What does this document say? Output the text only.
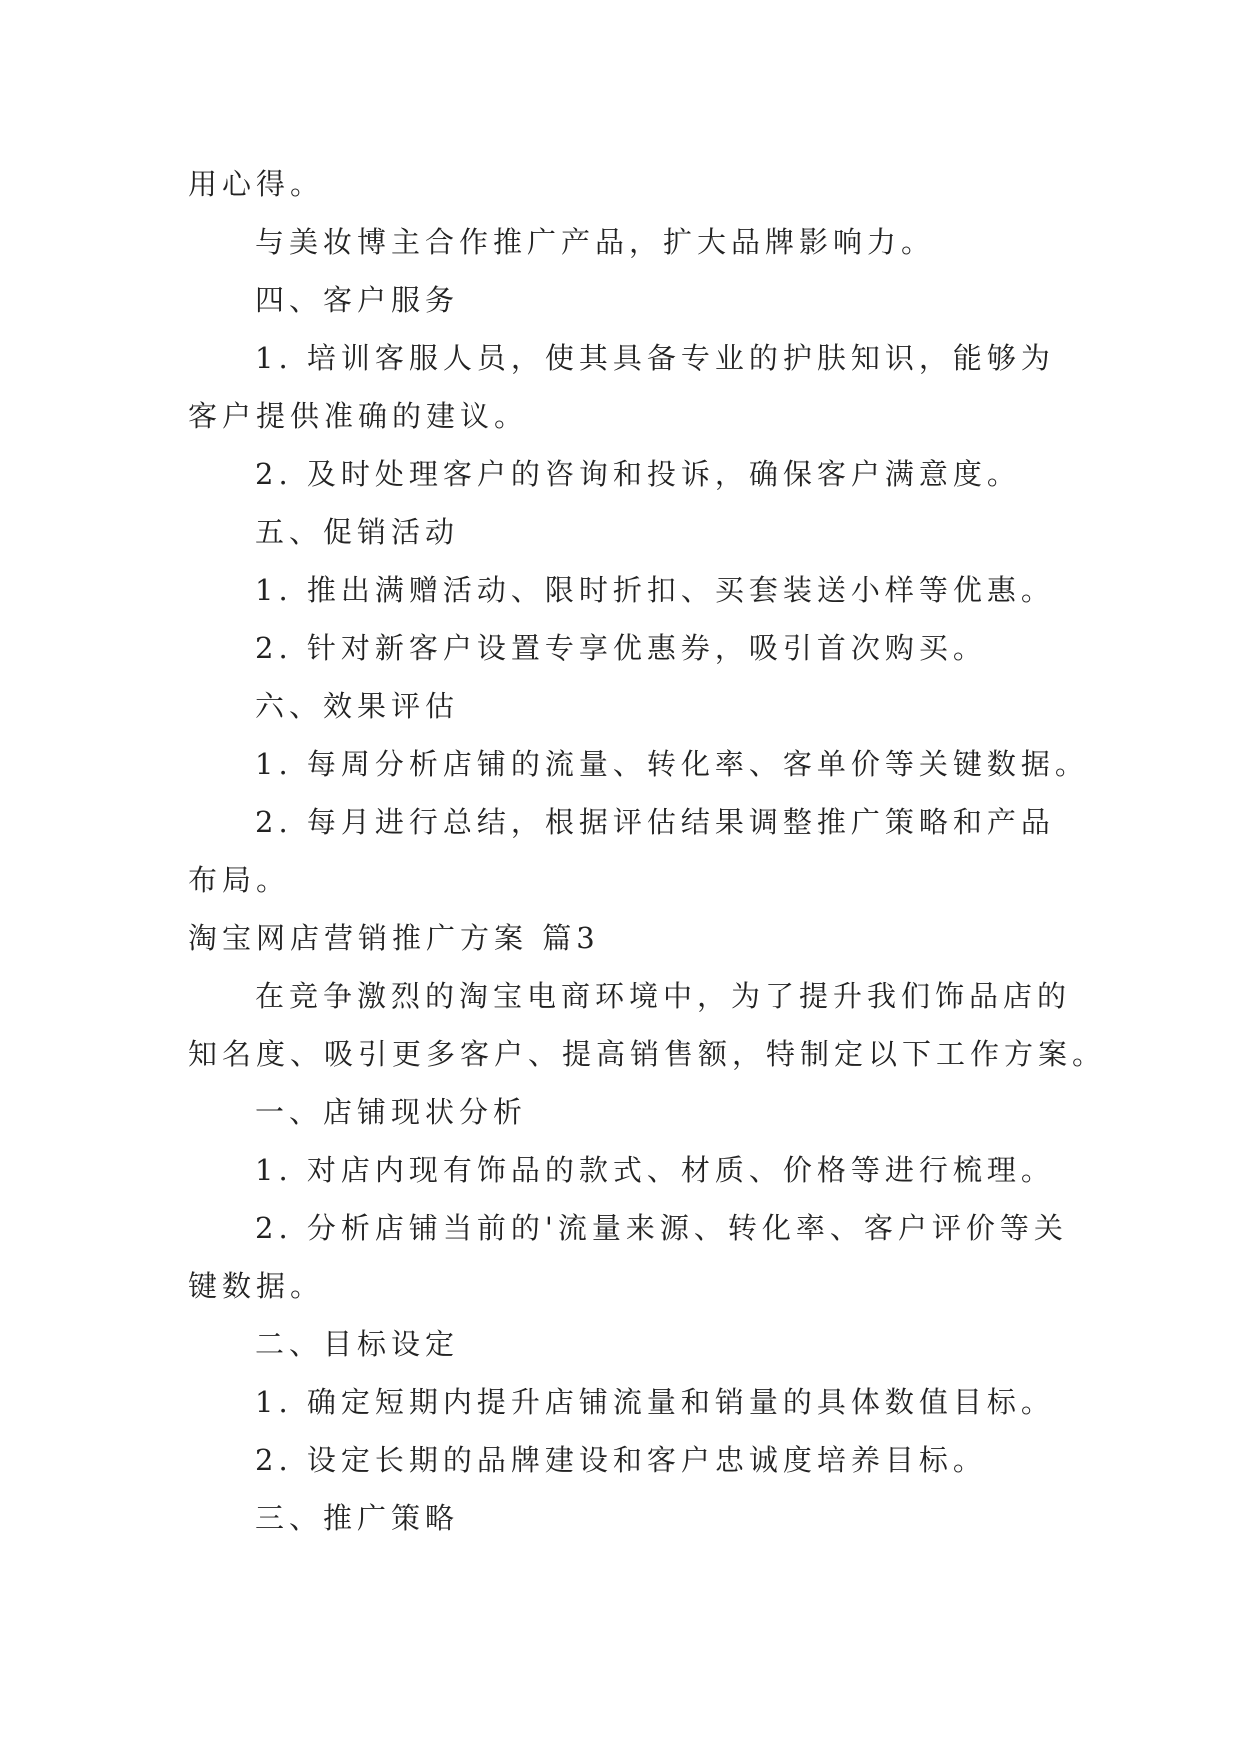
用心得。
与美妆博主合作推广产品，扩大品牌影响力。
四、客户服务
1. 培训客服人员，使其具备专业的护肤知识，能够为
客户提供准确的建议。
2. 及时处理客户的咨询和投诉，确保客户满意度。
五、促销活动
1. 推出满赠活动、限时折扣、买套装送小样等优惠。
2. 针对新客户设置专享优惠券，吸引首次购买。
六、效果评估
1. 每周分析店铺的流量、转化率、客单价等关键数据。
2. 每月进行总结，根据评估结果调整推广策略和产品
布局。
淘宝网店营销推广方案 篇3
在竞争激烈的淘宝电商环境中，为了提升我们饰品店的
知名度、吸引更多客户、提高销售额，特制定以下工作方案。
一、店铺现状分析
1. 对店内现有饰品的款式、材质、价格等进行梳理。
2. 分析店铺当前的'流量来源、转化率、客户评价等关
键数据。
二、目标设定
1. 确定短期内提升店铺流量和销量的具体数值目标。
2. 设定长期的品牌建设和客户忠诚度培养目标。
三、推广策略
